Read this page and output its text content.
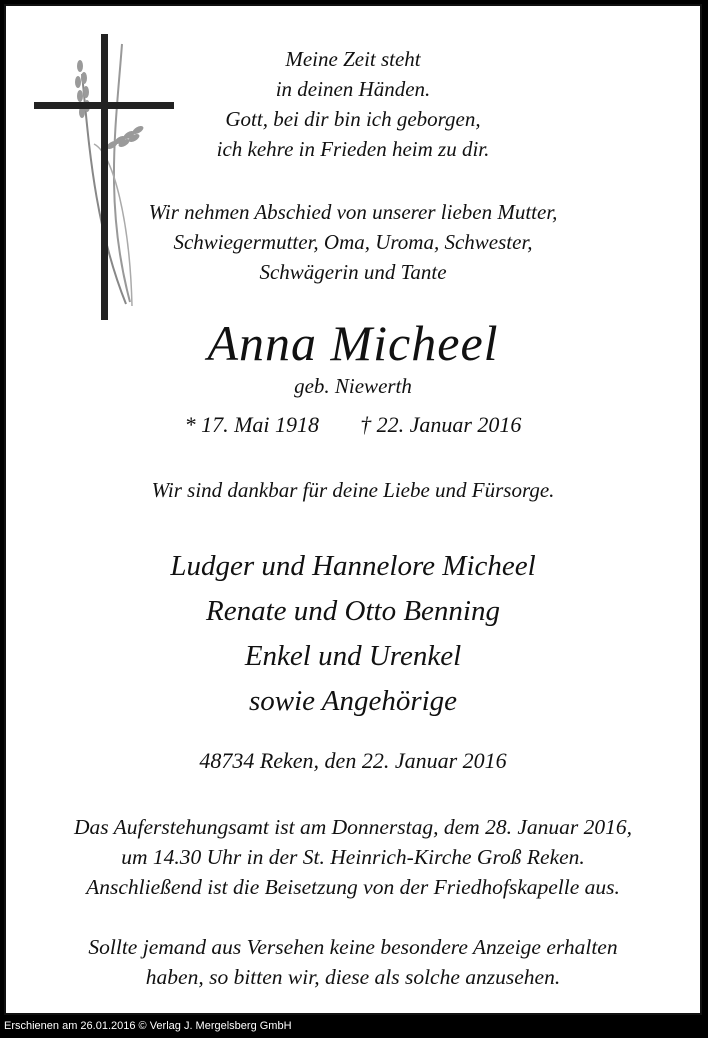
Meine Zeit steht
in deinen Händen.
Gott, bei dir bin ich geborgen,
ich kehre in Frieden heim zu dir.
Wir nehmen Abschied von unserer lieben Mutter,
Schwiegermutter, Oma, Uroma, Schwester,
Schwägerin und Tante
Anna Micheel
geb. Niewerth
* 17. Mai 1918 † 22. Januar 2016
Wir sind dankbar für deine Liebe und Fürsorge.
Ludger und Hannelore Micheel
Renate und Otto Benning
Enkel und Urenkel
sowie Angehörige
48734 Reken, den 22. Januar 2016
Das Auferstehungsamt ist am Donnerstag, dem 28. Januar 2016,
um 14.30 Uhr in der St. Heinrich-Kirche Groß Reken.
Anschließend ist die Beisetzung von der Friedhofskapelle aus.
Sollte jemand aus Versehen keine besondere Anzeige erhalten
haben, so bitten wir, diese als solche anzusehen.
Erschienen am 26.01.2016 © Verlag J. Mergelsberg GmbH
